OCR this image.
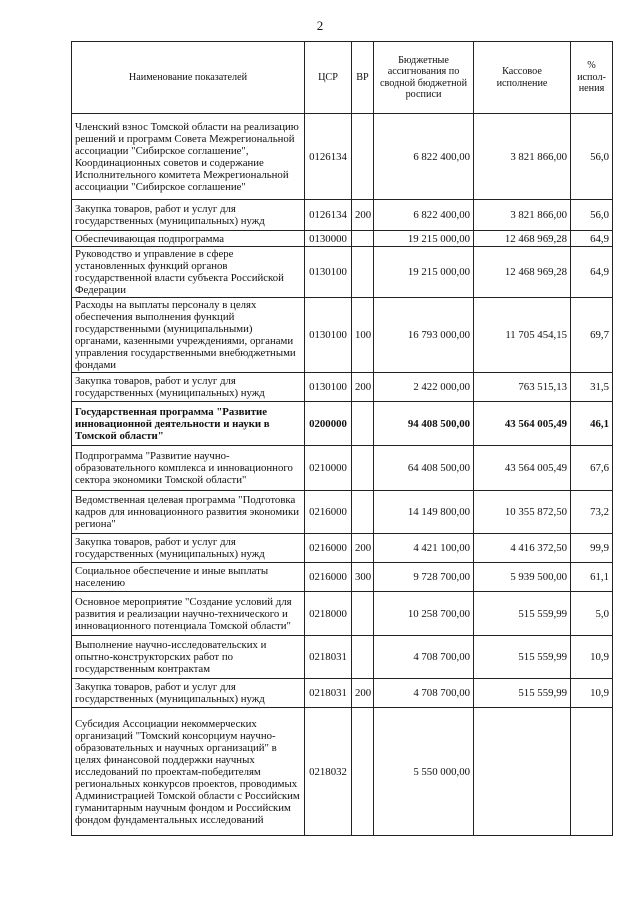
2
Наименование показателей	ЦСР	ВР	Бюджетные ассигнования по сводной бюджетной росписи	Кассовое исполнение	% испол- нения
Членский взнос Томской области на реализацию решений и программ Совета Межрегиональной ассоциации "Сибирское соглашение", Координационных советов и содержание Исполнительного комитета Межрегиональной ассоциации "Сибирское соглашение"	0126134		6 822 400,00	3 821 866,00	56,0
Закупка товаров, работ и услуг для государственных (муниципальных) нужд	0126134	200	6 822 400,00	3 821 866,00	56,0
Обеспечивающая подпрограмма	0130000		19 215 000,00	12 468 969,28	64,9
Руководство и управление в сфере установленных функций органов государственной власти субъекта Российской Федерации	0130100		19 215 000,00	12 468 969,28	64,9
Расходы на выплаты персоналу в целях обеспечения выполнения функций государственными (муниципальными) органами, казенными учреждениями, органами управления государственными внебюджетными фондами	0130100	100	16 793 000,00	11 705 454,15	69,7
Закупка товаров, работ и услуг для государственных (муниципальных) нужд	0130100	200	2 422 000,00	763 515,13	31,5
Государственная программа "Развитие инновационной деятельности и науки в Томской области"	0200000		94 408 500,00	43 564 005,49	46,1
Подпрограмма "Развитие научно-образовательного комплекса и инновационного сектора экономики Томской области"	0210000		64 408 500,00	43 564 005,49	67,6
Ведомственная целевая программа "Подготовка кадров для инновационного развития экономики региона"	0216000		14 149 800,00	10 355 872,50	73,2
Закупка товаров, работ и услуг для государственных (муниципальных) нужд	0216000	200	4 421 100,00	4 416 372,50	99,9
Социальное обеспечение и иные выплаты населению	0216000	300	9 728 700,00	5 939 500,00	61,1
Основное мероприятие "Создание условий для развития и реализации научно-технического и инновационного потенциала Томской области"	0218000		10 258 700,00	515 559,99	5,0
Выполнение научно-исследовательских и опытно-конструкторских работ по государственным контрактам	0218031		4 708 700,00	515 559,99	10,9
Закупка товаров, работ и услуг для государственных (муниципальных) нужд	0218031	200	4 708 700,00	515 559,99	10,9
Субсидия Ассоциации некоммерческих организаций "Томский консорциум научно-образовательных и научных организаций" в целях финансовой поддержки научных исследований по проектам-победителям региональных конкурсов проектов, проводимых Администрацией Томской области с Российским гуманитарным научным фондом и Российским фондом фундаментальных исследований	0218032		5 550 000,00		
